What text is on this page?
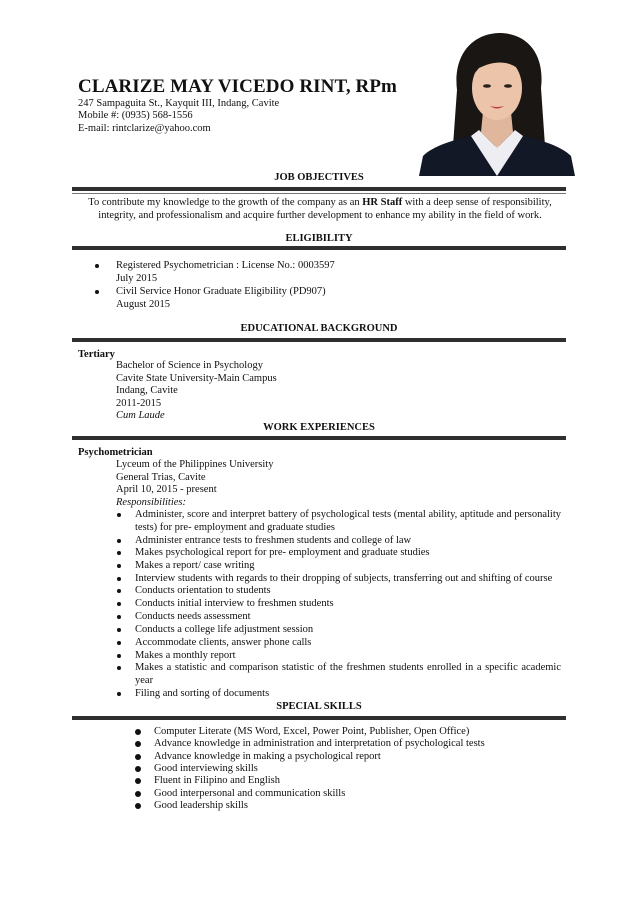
CLARIZE MAY VICEDO RINT, RPm
247 Sampaguita St., Kayquit III, Indang, Cavite
Mobile #: (0935) 568-1556
E-mail: rintclarize@yahoo.com
JOB OBJECTIVES
To contribute my knowledge to the growth of the company as an HR Staff with a deep sense of responsibility,
integrity, and professionalism and acquire further development to enhance my ability in the field of work.
ELIGIBILITY
Registered Psychometrician : License No.: 0003597
July 2015
Civil Service Honor Graduate Eligibility (PD907)
August 2015
EDUCATIONAL BACKGROUND
Tertiary
Bachelor of Science in Psychology
Cavite State University-Main Campus
Indang, Cavite
2011-2015
Cum Laude
WORK EXPERIENCES
Psychometrician
Lyceum of the Philippines University
General Trias, Cavite
April 10, 2015 - present
Responsibilities:
Administer, score and interpret battery of psychological tests (mental ability, aptitude and personality tests) for pre- employment and graduate studies
Administer entrance tests to freshmen students and college of law
Makes psychological report for pre- employment and graduate studies
Makes a report/ case writing
Interview students with regards to their dropping of subjects, transferring out and shifting of course
Conducts orientation to students
Conducts initial interview to freshmen students
Conducts needs assessment
Conducts a college life adjustment session
Accommodate clients, answer phone calls
Makes a monthly report
Makes a statistic and comparison statistic of the freshmen students enrolled in a specific academic year
Filing and sorting of documents
SPECIAL SKILLS
Computer Literate (MS Word, Excel, Power Point, Publisher, Open Office)
Advance knowledge in administration and interpretation of psychological tests
Advance knowledge in making a psychological report
Good interviewing skills
Fluent in Filipino and English
Good interpersonal and communication skills
Good leadership skills
